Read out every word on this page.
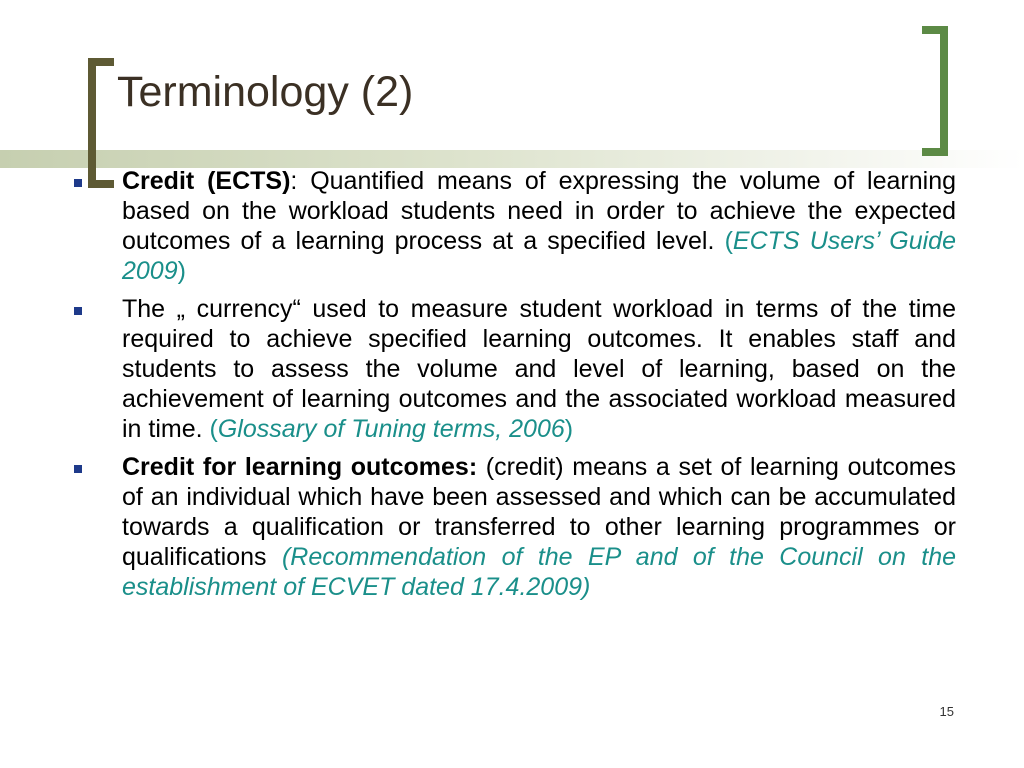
Terminology (2)
Credit (ECTS): Quantified means of expressing the volume of learning based on the workload students need in order to achieve the expected outcomes of a learning process at a specified level. (ECTS Users’ Guide 2009)
The „ currency“ used to measure student workload in terms of the time required to achieve specified learning outcomes. It enables staff and students to assess the volume and level of learning, based on the achievement of learning outcomes and the associated workload measured in time. (Glossary of Tuning terms, 2006)
Credit for learning outcomes: (credit) means a set of learning outcomes of an individual which have been assessed and which can be accumulated towards a qualification or transferred to other learning programmes or qualifications (Recommendation of the EP and of the Council on the establishment of ECVET dated 17.4.2009)
15
